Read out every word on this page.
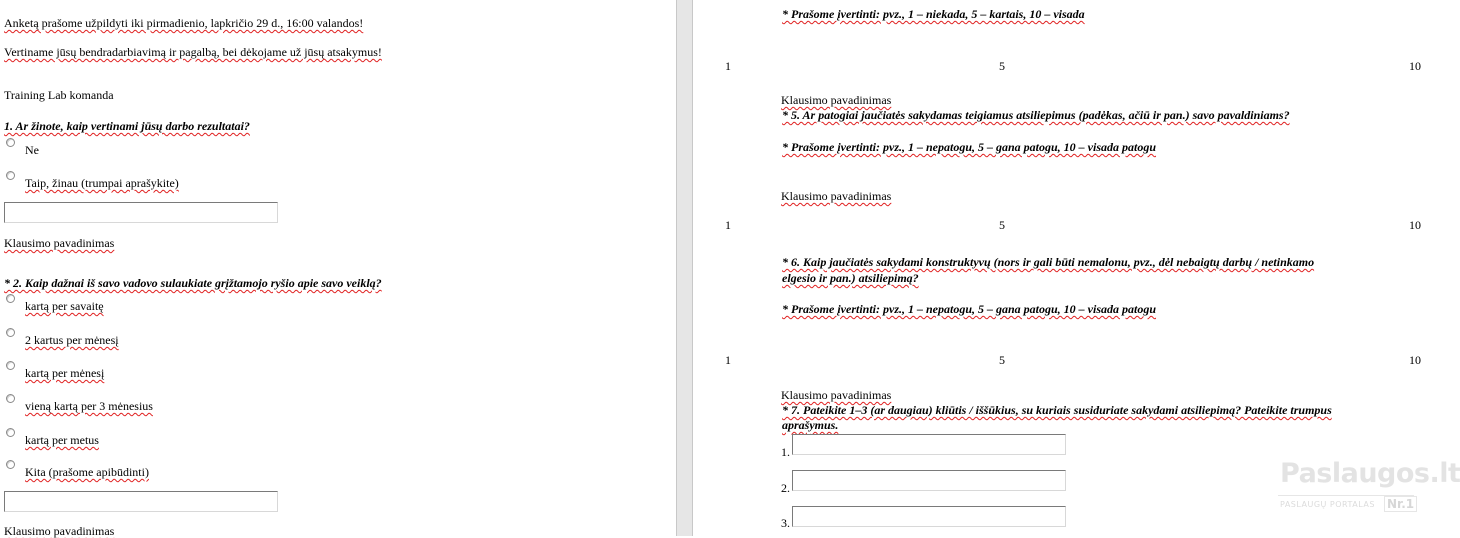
Anketą prašome užpildyti iki pirmadienio, lapkričio 29 d., 16:00 valandos!
Vertiname jūsų bendradarbiavimą ir pagalbą, bei dėkojame už jūsų atsakymus!
Training Lab komanda
1. Ar žinote, kaip vertinami jūsų darbo rezultatai?
Ne
Taip, žinau (trumpai aprašykite)
Klausimo pavadinimas
* 2. Kaip dažnai iš savo vadovo sulaukiate grįžtamojo ryšio apie savo veiklą?
kartą per savaitę
2 kartus per mėnesį
kartą per mėnesį
vieną kartą per 3 mėnesius
kartą per metus
Kita (prašome apibūdinti)
Klausimo pavadinimas
* Prašome įvertinti: pvz., 1 – niekada, 5 – kartais, 10 – visada
1	5	10
Klausimo pavadinimas
* 5. Ar patogiai jaučiatės sakydamas teigiamus atsiliepimus (padėkas, ačiū ir pan.) savo pavaldiniams?
* Prašome įvertinti: pvz., 1 – nepatogu, 5 – gana patogu, 10 – visada patogu
Klausimo pavadinimas
1	5	10
* 6. Kaip jaučiatės sakydami konstruktyvų (nors ir gali būti nemalonu, pvz., dėl nebaigtų darbų / netinkamo
elgesio ir pan.) atsiliepimą?
* Prašome įvertinti: pvz., 1 – nepatogu, 5 – gana patogu, 10 – visada patogu
1	5	10
Klausimo pavadinimas
* 7. Pateikite 1–3 (ar daugiau) kliūtis / iššūkius, su kuriais susiduriate sakydami atsiliepimą? Pateikite trumpus
aprašymus.
1.
2.
3.
Paslaugos.lt
PASLAUGŲ PORTALAS Nr.1
